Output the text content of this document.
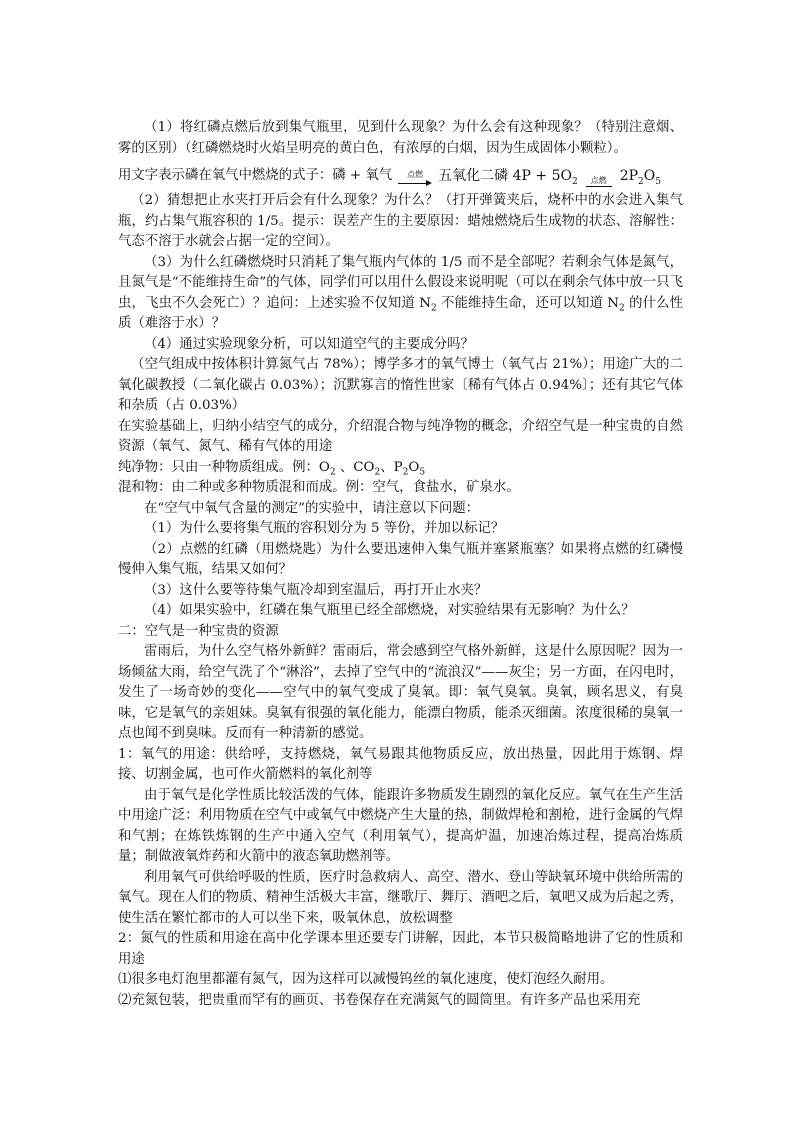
（1）将红磷点燃后放到集气瓶里，见到什么现象？为什么会有这种现象？（特别注意烟、雾的区别）（红磷燃烧时火焰呈明亮的黄白色，有浓厚的白烟，因为生成固体小颗粒）。

用文字表示磷在氧气中燃烧的式子：磷 + 氧气 点燃 五氧化二磷 $4P + 5O_2$ 点燃 $2P_2O_5$

（2）猜想把止水夹打开后会有什么现象？为什么？（打开弹簧夹后，烧杯中的水会进入集气瓶，约占集气瓶容积的 1/5。提示：误差产生的主要原因：蜡烛燃烧后生成物的状态、溶解性：气态不溶于水就会占据一定的空间）。

（3）为什么红磷燃烧时只消耗了集气瓶内气体的 1/5 而不是全部呢？若剩余气体是氮气，且氮气是“不能维持生命”的气体，同学们可以用什么假设来说明呢（可以在剩余气体中放一只飞虫，飞虫不久会死亡）？追问：上述实验不仅知道 $N_2$ 不能维持生命，还可以知道 $N_2$ 的什么性质（难溶于水）？

（4）通过实验现象分析，可以知道空气的主要成分吗？

（空气组成中按体积计算氮气占 78%）；博学多才的氧气博士（氧气占 21%）；用途广大的二氧化碳教授（二氧化碳占 0.03%）；沉默寡言的惰性世家〔稀有气体占 0.94%〕；还有其它气体和杂质（占 0.03%）

在实验基础上，归纳小结空气的成分，介绍混合物与纯净物的概念，介绍空气是一种宝贵的自然资源（氧气、氮气、稀有气体的用途

纯净物：只由一种物质组成。例：$O_2$ 、$CO_2$、$P_2O_5$

混和物：由二种或多种物质混和而成。例：空气，食盐水，矿泉水。

在“空气中氧气含量的测定”的实验中，请注意以下问题：

（1）为什么要将集气瓶的容积划分为 5 等份，并加以标记？

（2）点燃的红磷（用燃烧匙）为什么要迅速伸入集气瓶并塞紧瓶塞？如果将点燃的红磷慢慢伸入集气瓶，结果又如何？

（3）这什么要等待集气瓶冷却到室温后，再打开止水夹？

（4）如果实验中，红磷在集气瓶里已经全部燃烧，对实验结果有无影响？为什么？

二：空气是一种宝贵的资源

雷雨后，为什么空气格外新鲜？雷雨后，常会感到空气格外新鲜，这是什么原因呢？因为一场倾盆大雨，给空气洗了个“淋浴”，去掉了空气中的“流浪汉”——灰尘；另一方面，在闪电时，发生了一场奇妙的变化——空气中的氧气变成了臭氧。即：氧气臭氧。臭氧，顾名思义，有臭味，它是氧气的亲姐妹。臭氧有很强的氧化能力，能漂白物质，能杀灭细菌。浓度很稀的臭氧一点也闻不到臭味。反而有一种清新的感觉。

1：氧气的用途：供给呼，支持燃烧，氧气易跟其他物质反应，放出热量，因此用于炼钢、焊接、切割金属，也可作火箭燃料的氧化剂等

由于氧气是化学性质比较活泼的气体，能跟许多物质发生剧烈的氧化反应。氧气在生产生活中用途广泛：利用物质在空气中或氧气中燃烧产生大量的热，制做焊枪和割枪，进行金属的气焊和气割；在炼铁炼钢的生产中通入空气（利用氧气），提高炉温，加速冶炼过程，提高冶炼质量；制做液氧炸药和火箭中的液态氧助燃剂等。

利用氧气可供给呼吸的性质，医疗时急救病人、高空、潜水、登山等缺氧环境中供给所需的氧气。现在人们的物质、精神生活极大丰富，继歌厅、舞厅、酒吧之后，氧吧又成为后起之秀，使生活在繁忙都市的人可以坐下来，吸氧休息，放松调整

2：氮气的性质和用途在高中化学课本里还要专门讲解，因此，本节只极简略地讲了它的性质和用途

⑴很多电灯泡里都灌有氮气，因为这样可以减慢钨丝的氧化速度，使灯泡经久耐用。

⑵充氮包装，把贵重而罕有的画页、书卷保存在充满氮气的圆筒里。有许多产品也采用充
